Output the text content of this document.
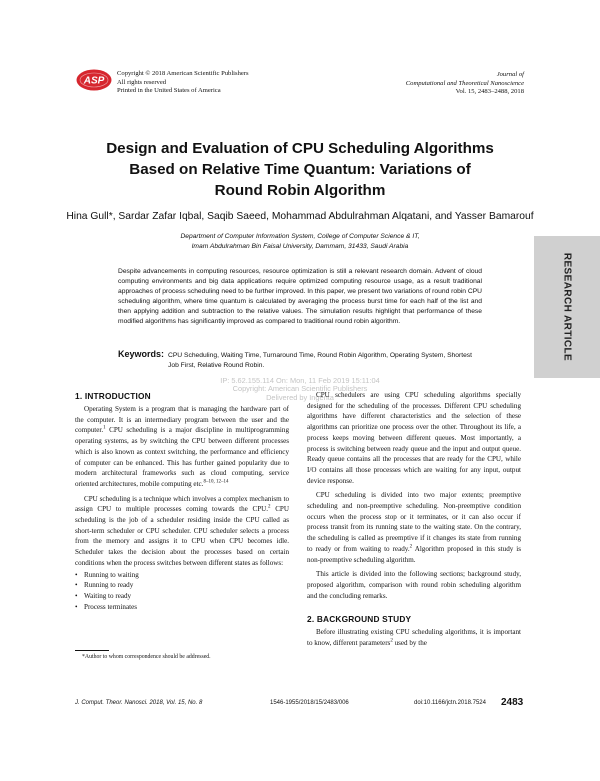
ASP
Copyright © 2018 American Scientific Publishers
All rights reserved
Printed in the United States of America
Journal of
Computational and Theoretical Nanoscience
Vol. 15, 2483–2488, 2018
Design and Evaluation of CPU Scheduling Algorithms
Based on Relative Time Quantum: Variations of
Round Robin Algorithm
Hina Gull*, Sardar Zafar Iqbal, Saqib Saeed, Mohammad Abdulrahman Alqatani, and Yasser Bamarouf
Department of Computer Information System, College of Computer Science & IT,
Imam Abdulrahman Bin Faisal University, Dammam, 31433, Saudi Arabia
Despite advancements in computing resources, resource optimization is still a relevant research domain. Advent of cloud computing environments and big data applications require optimized computing resource usage, as a result traditional approaches of process scheduling need to be further improved. In this paper, we present two variations of round robin CPU scheduling algorithm, where time quantum is calculated by averaging the process burst time for each half of the list and then applying addition and subtraction to the relative values. The simulation results highlight that performance of these modified algorithms has significantly improved as compared to traditional round robin algorithm.
Keywords: CPU Scheduling, Waiting Time, Turnaround Time, Round Robin Algorithm, Operating System, Shortest Job First, Relative Round Robin.
RESEARCH ARTICLE
IP: 5.62.155.114 On: Mon, 11 Feb 2019 15:11:04
Copyright: American Scientific Publishers
Delivered by Ingenta
1. INTRODUCTION

Operating System is a program that is managing the hardware part of the computer. It is an intermediary program between the user and the computer.$^1$ CPU scheduling is a major discipline in multiprogramming operating systems, as by switching the CPU between different processes which is also known as context switching, the performance and efficiency of computer can be enhanced. This has further gained popularity due to modern architectural frameworks such as cloud computing, service oriented architectures, mobile computing etc.$^{8-10, 12-14}$

CPU scheduling is a technique which involves a complex mechanism to assign CPU to multiple processes coming towards the CPU.$^2$ CPU scheduling is the job of a scheduler residing inside the CPU called as short-term scheduler or CPU scheduler. CPU scheduler selects a process from the memory and assigns it to CPU when CPU becomes idle. Scheduler takes the decision about the processes based on certain conditions when the process switches between different states as follows:

• Running to waiting
• Running to ready
• Waiting to ready
• Process terminates

CPU schedulers are using CPU scheduling algorithms specially designed for the scheduling of the processes. Different CPU scheduling algorithms have different characteristics and the selection of these algorithms can prioritize one process over the other. Throughout its life, a process keeps moving between different queues. Most importantly, a process is switching between ready queue and the input and output queue. Ready queue contains all the processes that are ready for the CPU, while I/O contains all those processes which are waiting for any input, output device response.

CPU scheduling is divided into two major extents; preemptive scheduling and non-preemptive scheduling. Non-preemptive condition occurs when the process stop or it terminates, or it can also occur if process transit from its running state to the waiting state. On the contrary, the scheduling is called as preemptive if it changes its state from running to ready or from waiting to ready.$^2$ Algorithm proposed in this study is non-preemptive scheduling algorithm.

This article is divided into the following sections; background study, proposed algorithm, comparison with round robin scheduling algorithm and the concluding remarks.

2. BACKGROUND STUDY

Before illustrating existing CPU scheduling algorithms, it is important to know, different parameters$^2$ used by the

*Author to whom correspondence should be addressed.
J. Comput. Theor. Nanosci. 2018, Vol. 15, No. 8	1546-1955/2018/15/2483/006	doi:10.1166/jctn.2018.7524 2483
